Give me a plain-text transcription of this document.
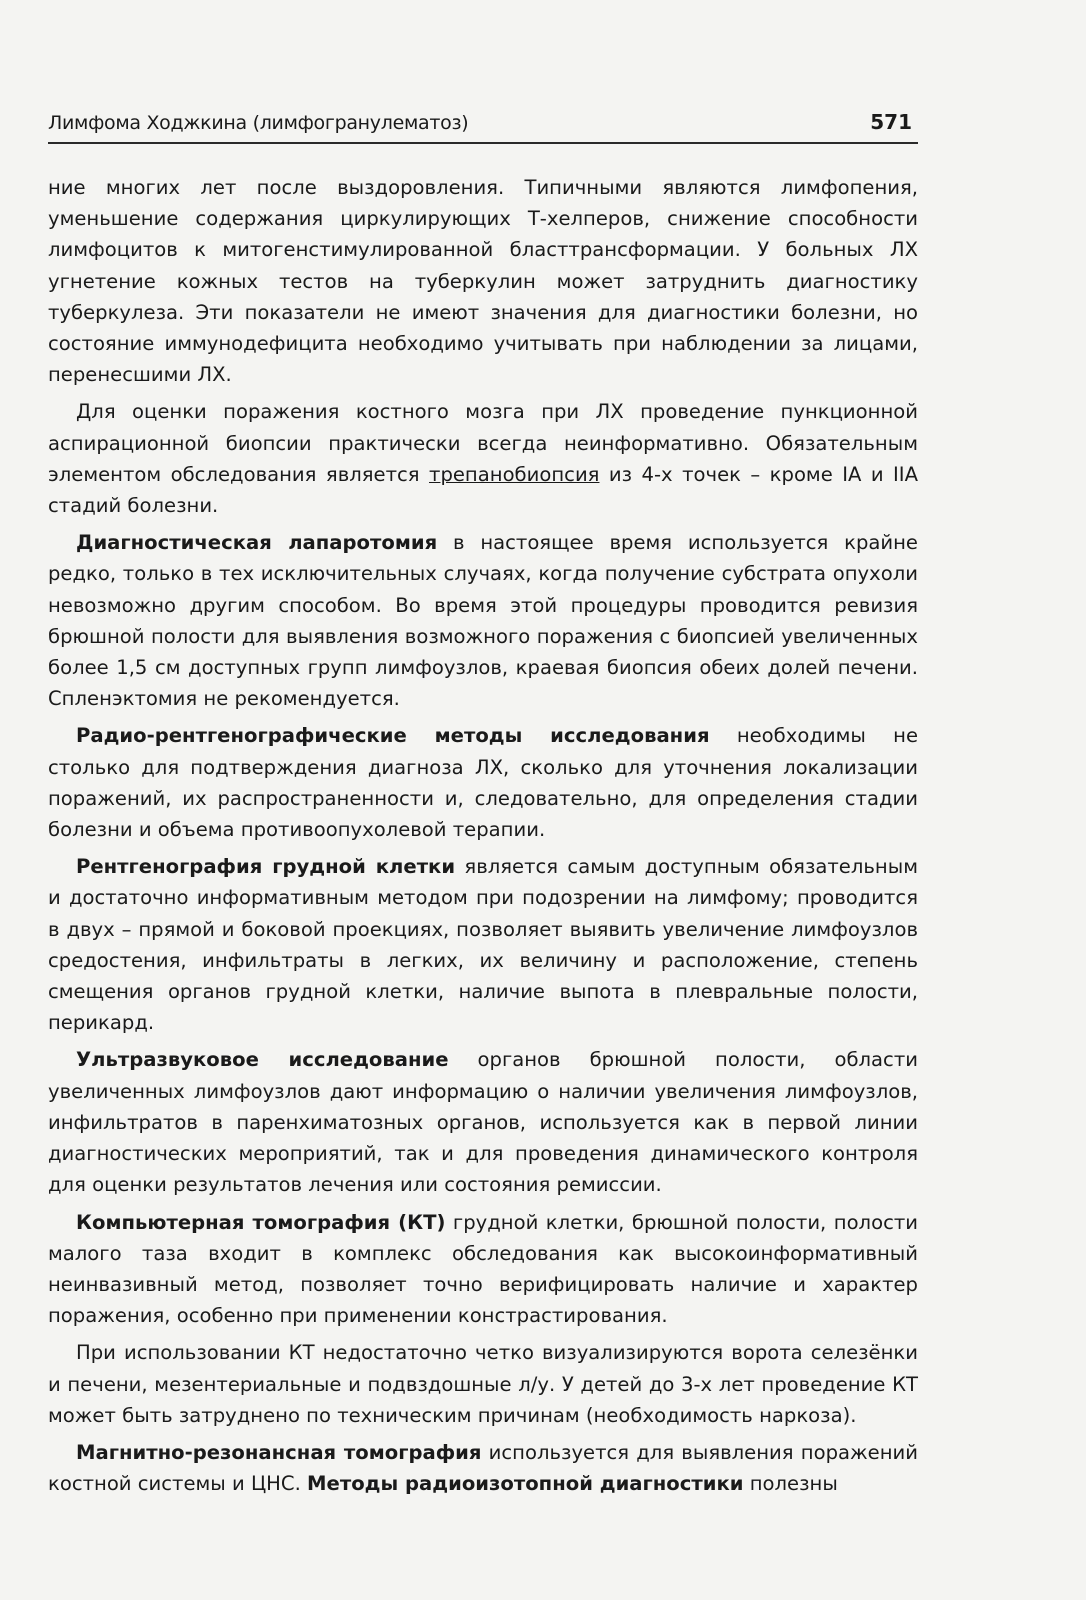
Лимфома Ходжкина (лимфогранулематоз)	571

ние многих лет после выздоровления. Типичными являются лимфопения, уменьшение содержания циркулирующих Т-хелперов, снижение способности лимфоцитов к митогенстимулированной бласттрансформации. У больных ЛХ угнетение кожных тестов на туберкулин может затруднить диагностику туберкулеза. Эти показатели не имеют значения для диагностики болезни, но состояние иммунодефицита необходимо учитывать при наблюдении за лицами, перенесшими ЛХ.

Для оценки поражения костного мозга при ЛХ проведение пункционной аспирационной биопсии практически всегда неинформативно. Обязательным элементом обследования является трепанобиопсия из 4-х точек – кроме IA и IIA стадий болезни.

Диагностическая лапаротомия в настоящее время используется крайне редко, только в тех исключительных случаях, когда получение субстрата опухоли невозможно другим способом. Во время этой процедуры проводится ревизия брюшной полости для выявления возможного поражения с биопсией увеличенных более 1,5 см доступных групп лимфоузлов, краевая биопсия обеих долей печени. Спленэктомия не рекомендуется.

Радио-рентгенографические методы исследования необходимы не столько для подтверждения диагноза ЛХ, сколько для уточнения локализации поражений, их распространенности и, следовательно, для определения стадии болезни и объема противоопухолевой терапии.

Рентгенография грудной клетки является самым доступным обязательным и достаточно информативным методом при подозрении на лимфому; проводится в двух – прямой и боковой проекциях, позволяет выявить увеличение лимфоузлов средостения, инфильтраты в легких, их величину и расположение, степень смещения органов грудной клетки, наличие выпота в плевральные полости, перикард.

Ультразвуковое исследование органов брюшной полости, области увеличенных лимфоузлов дают информацию о наличии увеличения лимфоузлов, инфильтратов в паренхиматозных органов, используется как в первой линии диагностических мероприятий, так и для проведения динамического контроля для оценки результатов лечения или состояния ремиссии.

Компьютерная томография (КТ) грудной клетки, брюшной полости, полости малого таза входит в комплекс обследования как высокоинформативный неинвазивный метод, позволяет точно верифицировать наличие и характер поражения, особенно при применении констрастирования.

При использовании КТ недостаточно четко визуализируются ворота селезёнки и печени, мезентериальные и подвздошные л/у. У детей до 3-х лет проведение КТ может быть затруднено по техническим причинам (необходимость наркоза).

Магнитно-резонансная томография используется для выявления поражений костной системы и ЦНС. Методы радиоизотопной диагностики полезны
